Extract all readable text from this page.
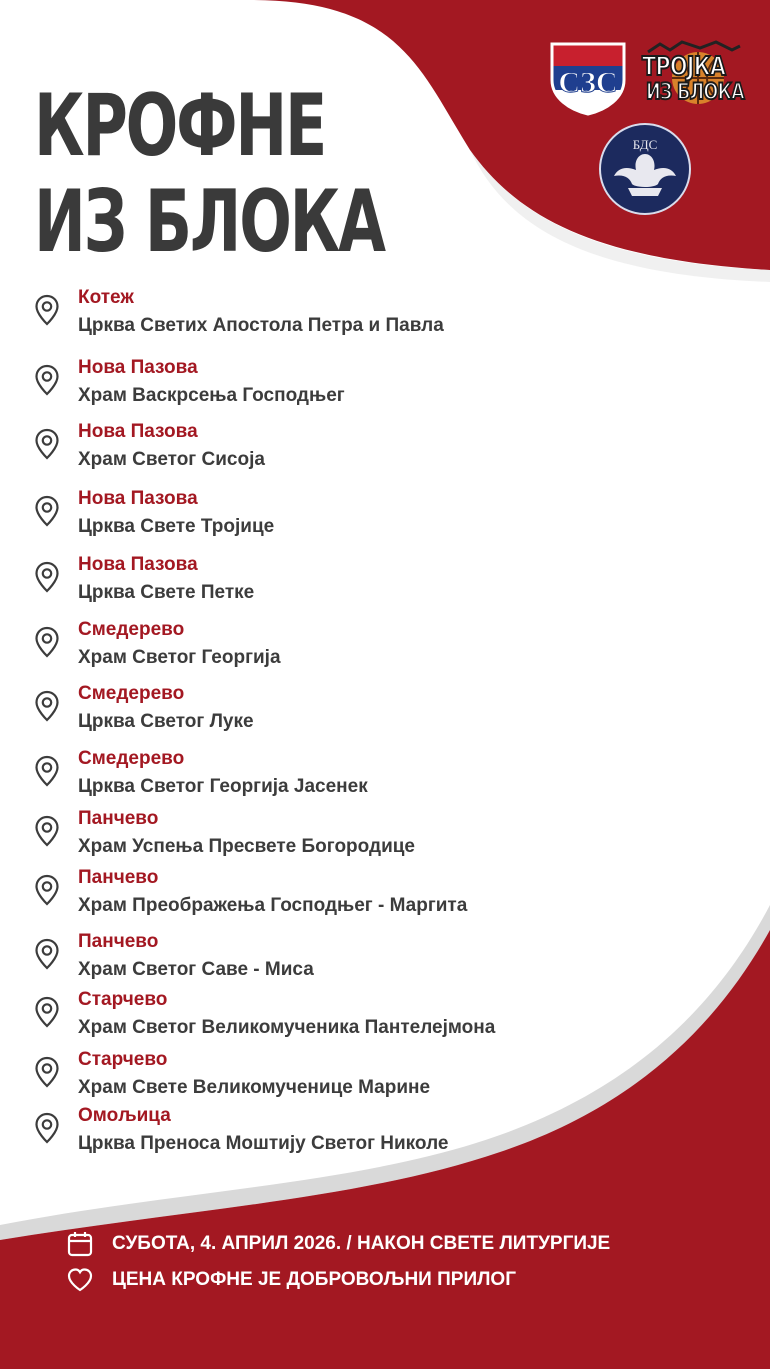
КРОФНЕ
ИЗ БЛОКА
СЗС ТРОЈКА
ИЗ БЛОКА
БДС
Котеж
Црква Светих Апостола Петра и Павла
Нова Пазова
Храм Васкрсења Господњег
Нова Пазова
Храм Светог Сисоја
Нова Пазова
Црква Свете Тројице
Нова Пазова
Црква Свете Петке
Смедерево
Храм Светог Георгија
Смедерево
Црква Светог Луке
Смедерево
Црква Светог Георгија Јасенек
Панчево
Храм Успења Пресвете Богородице
Панчево
Храм Преображења Господњег - Маргита
Панчево
Храм Светог Саве - Миса
Старчево
Храм Светог Великомученика Пантелејмона
Старчево
Храм Свете Великомученице Марине
Омољица
Црква Преноса Моштију Светог Николе
СУБОТА, 4. АПРИЛ 2026. / НАКОН СВЕТЕ ЛИТУРГИЈЕ
ЦЕНА КРОФНЕ ЈЕ ДОБРОВОЉНИ ПРИЛОГ
